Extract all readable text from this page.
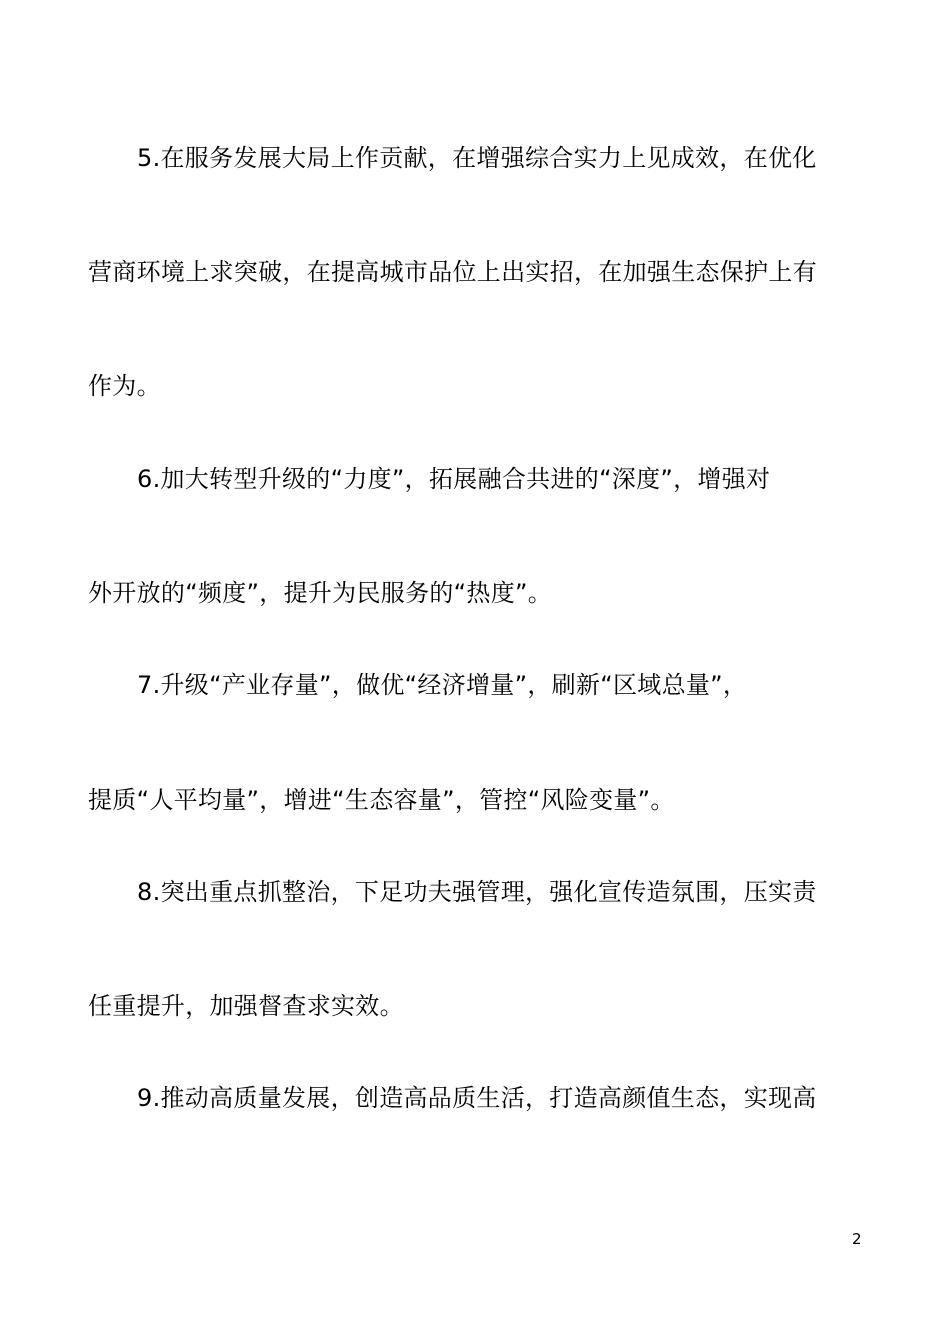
5.在服务发展大局上作贡献，在增强综合实力上见成效，在优化
营商环境上求突破，在提高城市品位上出实招，在加强生态保护上有
作为。
6.加大转型升级的“力度”，拓展融合共进的“深度”，增强对
外开放的“频度”，提升为民服务的“热度”。
7.升级“产业存量”，做优“经济增量”，刷新“区域总量”，
提质“人平均量”，增进“生态容量”，管控“风险变量”。
8.突出重点抓整治，下足功夫强管理，强化宣传造氛围，压实责
任重提升，加强督查求实效。
9.推动高质量发展，创造高品质生活，打造高颜值生态，实现高
2
